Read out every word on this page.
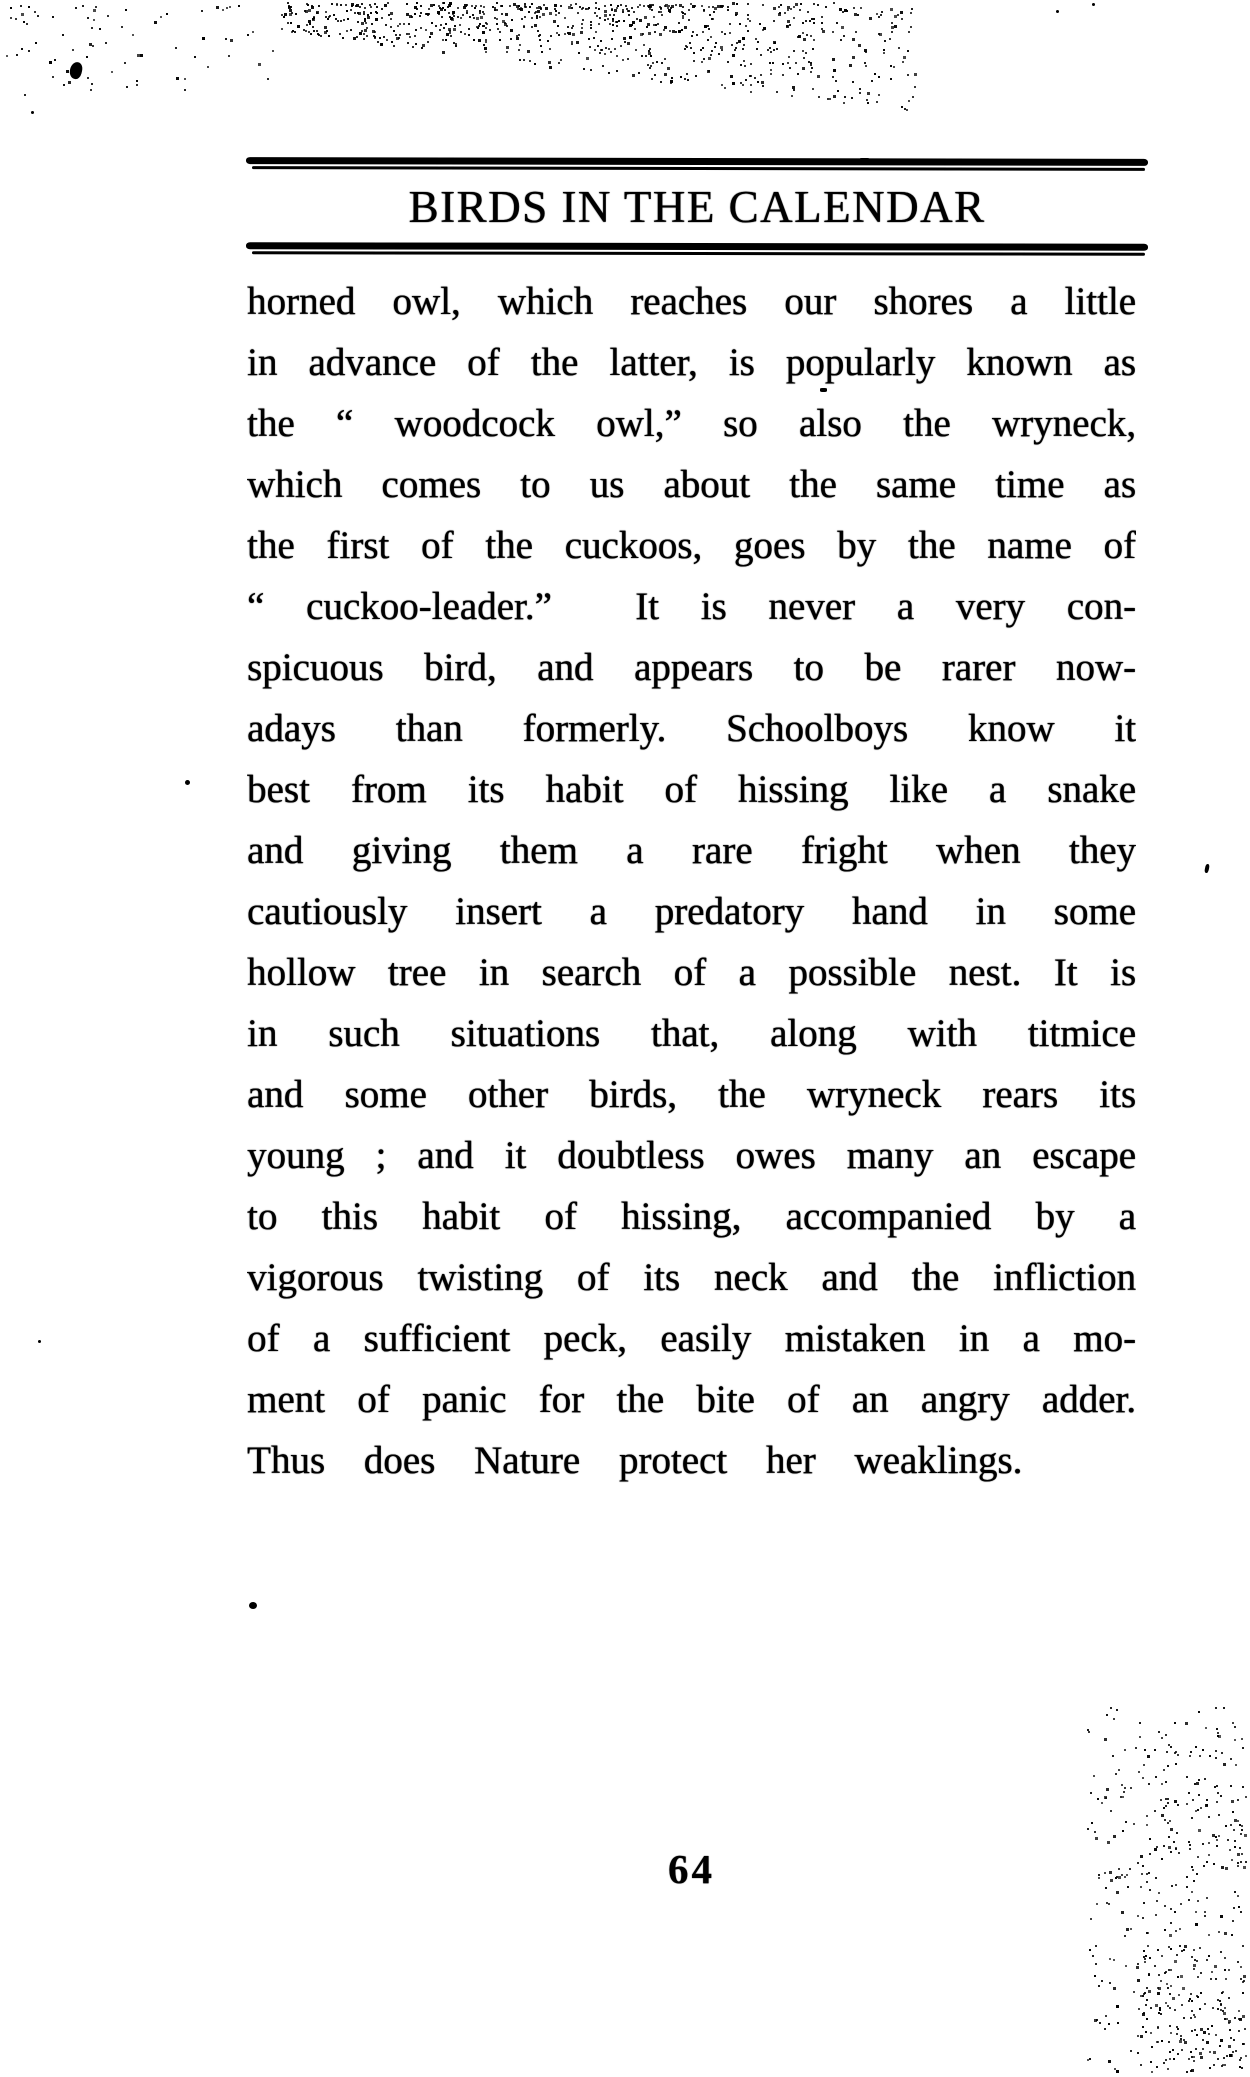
BIRDS IN THE CALENDAR
horned owl, which reaches our shores a little
in advance of the latter, is popularly known as
the “ woodcock owl,” so also the wryneck,
which comes to us about the same time as
the first of the cuckoos, goes by the name of
“ cuckoo-leader.”  It is never a very con-
spicuous bird, and appears to be rarer now-
adays than formerly. Schoolboys know it
best from its habit of hissing like a snake
and giving them a rare fright when they
cautiously insert a predatory hand in some
hollow tree in search of a possible nest. It is
in such situations that, along with titmice
and some other birds, the wryneck rears its
young ; and it doubtless owes many an escape
to this habit of hissing, accompanied by a
vigorous twisting of its neck and the infliction
of a sufficient peck, easily mistaken in a mo-
ment of panic for the bite of an angry adder.
Thus does Nature protect her weaklings.
64
